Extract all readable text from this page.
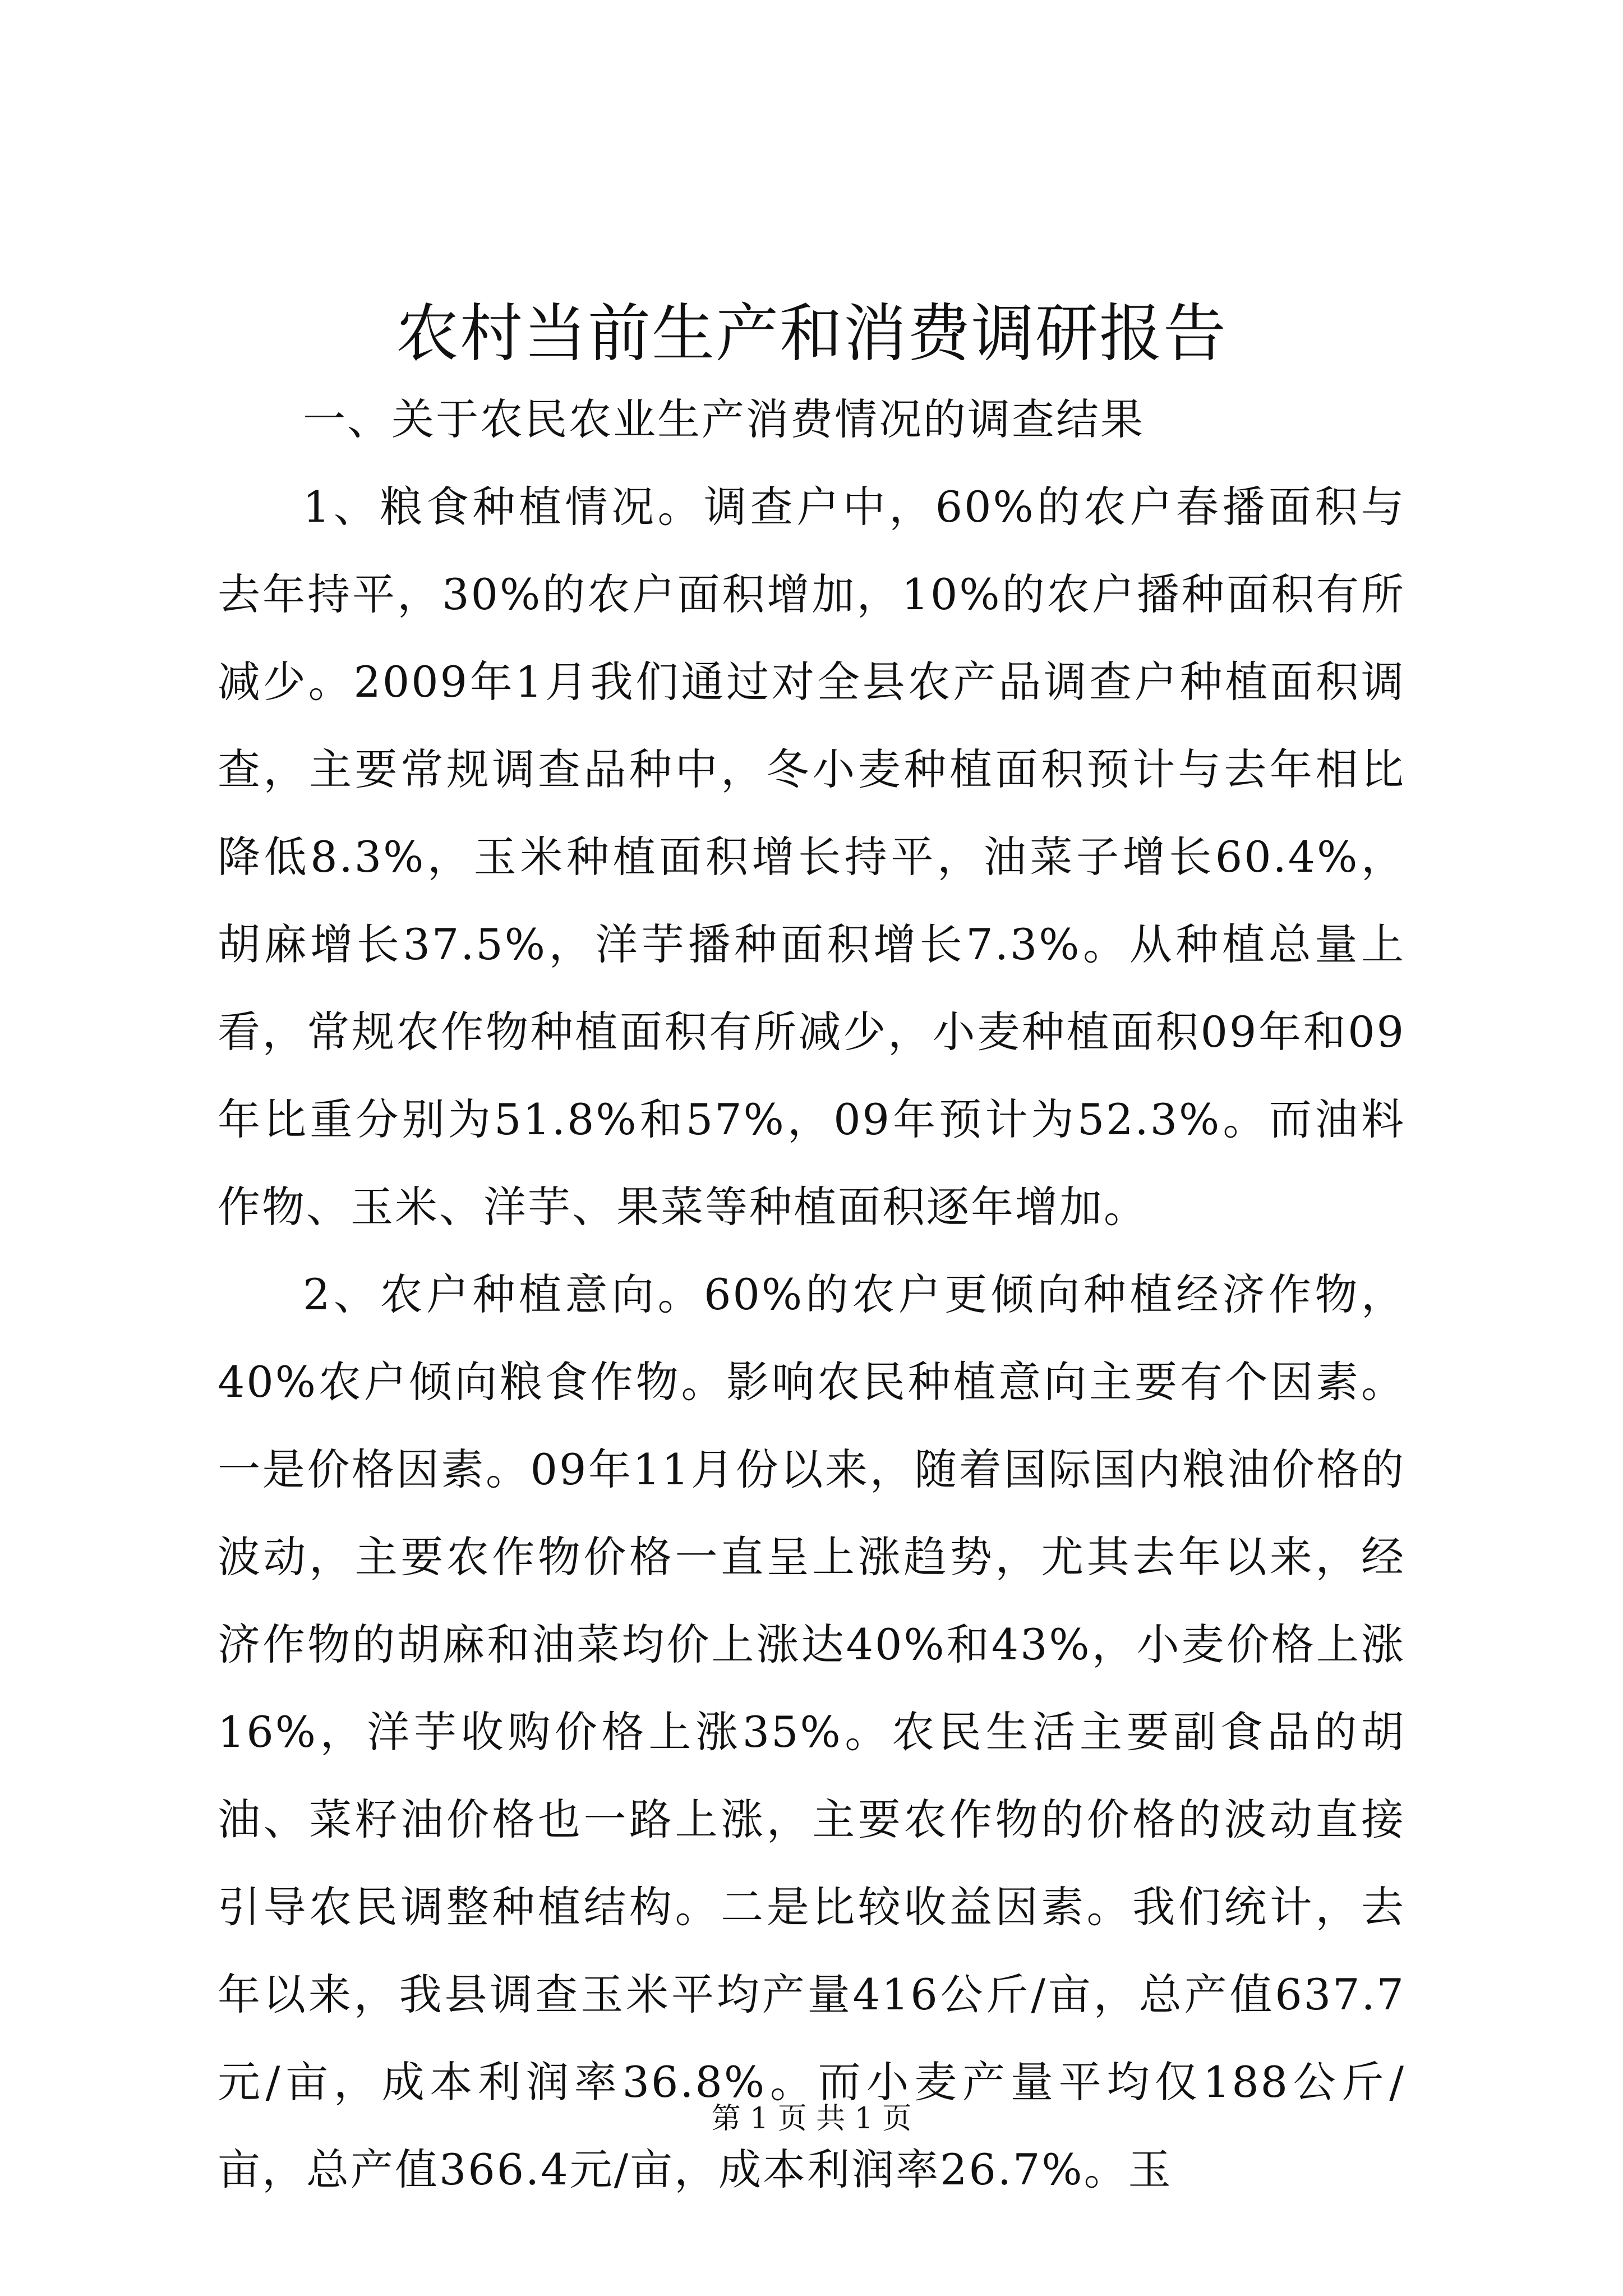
农村当前生产和消费调研报告

一、关于农民农业生产消费情况的调查结果

1、粮食种植情况。调查户中，60%的农户春播面积与去年持平，30%的农户面积增加，10%的农户播种面积有所减少。2009年1月我们通过对全县农产品调查户种植面积调查，主要常规调查品种中，冬小麦种植面积预计与去年相比降低8.3%，玉米种植面积增长持平，油菜子增长60.4%，胡麻增长37.5%，洋芋播种面积增长7.3%。从种植总量上看，常规农作物种植面积有所减少，小麦种植面积09年和09年比重分别为51.8%和57%，09年预计为52.3%。而油料作物、玉米、洋芋、果菜等种植面积逐年增加。

2、农户种植意向。60%的农户更倾向种植经济作物，40%农户倾向粮食作物。影响农民种植意向主要有个因素。一是价格因素。09年11月份以来，随着国际国内粮油价格的波动，主要农作物价格一直呈上涨趋势，尤其去年以来，经济作物的胡麻和油菜均价上涨达40%和43%，小麦价格上涨16%，洋芋收购价格上涨35%。农民生活主要副食品的胡油、菜籽油价格也一路上涨，主要农作物的价格的波动直接引导农民调整种植结构。二是比较收益因素。我们统计，去年以来，我县调查玉米平均产量416公斤/亩，总产值637.7元/亩，成本利润率36.8%。而小麦产量平均仅188公斤/亩，总产值366.4元/亩，成本利润率26.7%。玉

第 1 页 共 1 页
